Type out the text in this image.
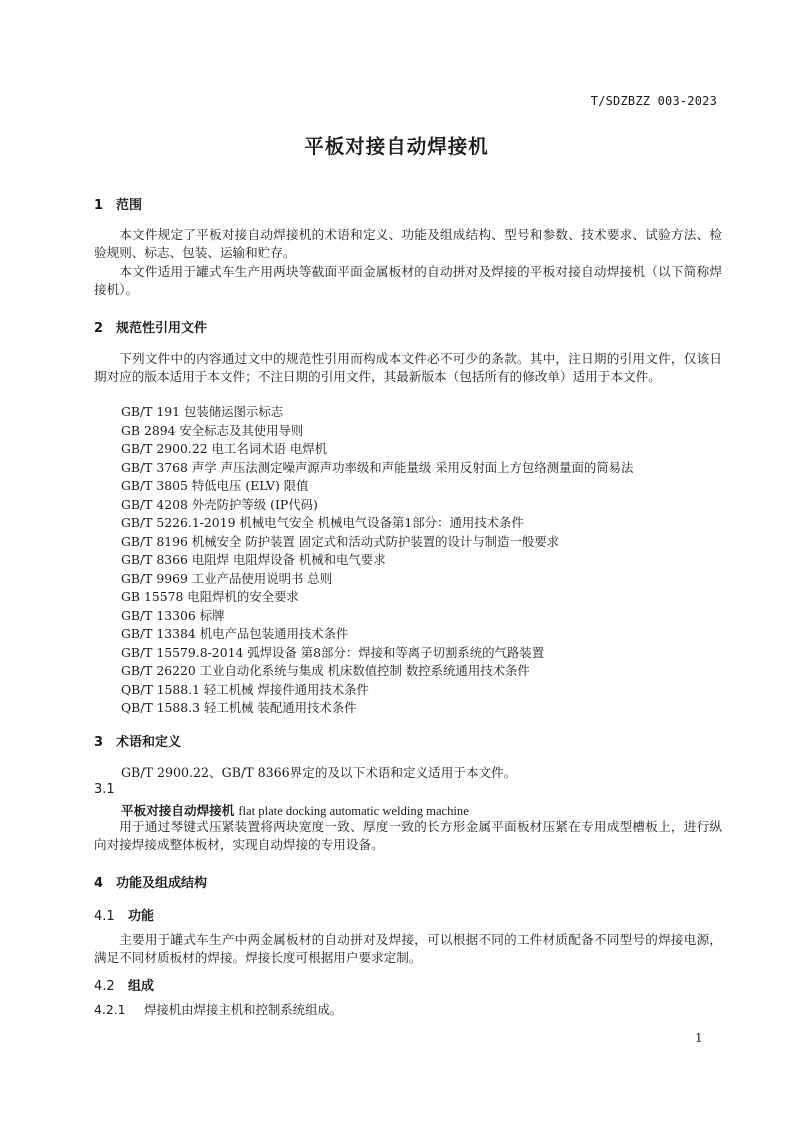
T/SDZBZZ 003-2023
平板对接自动焊接机
1 范围
本文件规定了平板对接自动焊接机的术语和定义、功能及组成结构、型号和参数、技术要求、试验方法、检验规则、标志、包装、运输和贮存。
本文件适用于罐式车生产用两块等截面平面金属板材的自动拼对及焊接的平板对接自动焊接机（以下简称焊接机）。
2 规范性引用文件
下列文件中的内容通过文中的规范性引用而构成本文件必不可少的条款。其中，注日期的引用文件，仅该日期对应的版本适用于本文件；不注日期的引用文件，其最新版本（包括所有的修改单）适用于本文件。
GB/T 191 包装储运图示标志
GB 2894 安全标志及其使用导则
GB/T 2900.22 电工名词术语 电焊机
GB/T 3768 声学 声压法测定噪声源声功率级和声能量级 采用反射面上方包络测量面的简易法
GB/T 3805 特低电压 (ELV) 限值
GB/T 4208 外壳防护等级 (IP代码)
GB/T 5226.1-2019 机械电气安全 机械电气设备第1部分：通用技术条件
GB/T 8196 机械安全 防护装置 固定式和活动式防护装置的设计与制造一般要求
GB/T 8366 电阻焊 电阻焊设备 机械和电气要求
GB/T 9969 工业产品使用说明书 总则
GB 15578 电阻焊机的安全要求
GB/T 13306 标牌
GB/T 13384 机电产品包装通用技术条件
GB/T 15579.8-2014 弧焊设备 第8部分：焊接和等离子切割系统的气路装置
GB/T 26220 工业自动化系统与集成 机床数值控制 数控系统通用技术条件
QB/T 1588.1 轻工机械 焊接件通用技术条件
QB/T 1588.3 轻工机械 装配通用技术条件
3 术语和定义
GB/T 2900.22、GB/T 8366界定的及以下术语和定义适用于本文件。
3.1
平板对接自动焊接机 flat plate docking automatic welding machine
用于通过琴键式压紧装置将两块宽度一致、厚度一致的长方形金属平面板材压紧在专用成型槽板上，进行纵向对接焊接成整体板材，实现自动焊接的专用设备。
4 功能及组成结构
4.1 功能
主要用于罐式车生产中两金属板材的自动拼对及焊接，可以根据不同的工件材质配备不同型号的焊接电源，满足不同材质板材的焊接。焊接长度可根据用户要求定制。
4.2 组成
4.2.1 焊接机由焊接主机和控制系统组成。
1
